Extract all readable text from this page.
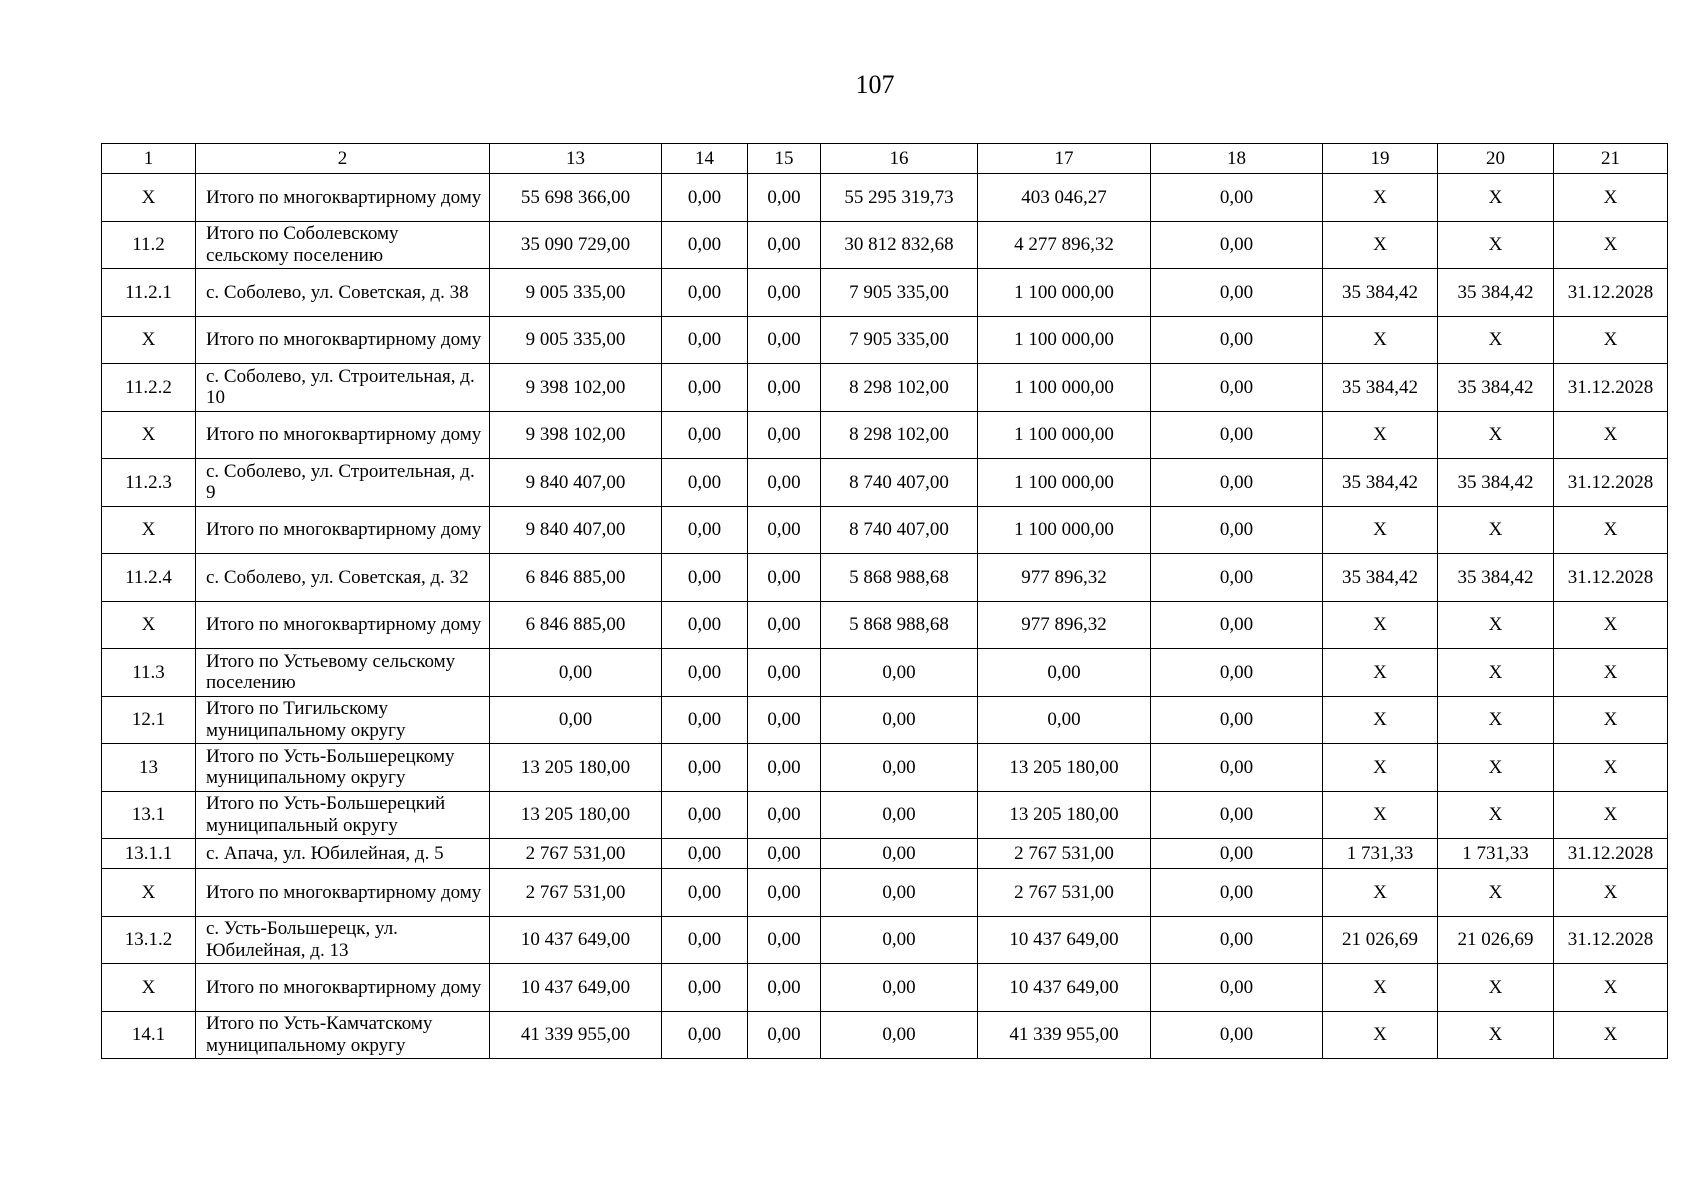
107
1	2	13	14	15	16	17	18	19	20	21
X	Итого по многоквартирному дому	55 698 366,00	0,00	0,00	55 295 319,73	403 046,27	0,00	X	X	X
11.2	Итого по Соболевскому сельскому поселению	35 090 729,00	0,00	0,00	30 812 832,68	4 277 896,32	0,00	X	X	X
11.2.1	с. Соболево, ул. Советская, д. 38	9 005 335,00	0,00	0,00	7 905 335,00	1 100 000,00	0,00	35 384,42	35 384,42	31.12.2028
X	Итого по многоквартирному дому	9 005 335,00	0,00	0,00	7 905 335,00	1 100 000,00	0,00	X	X	X
11.2.2	с. Соболево, ул. Строительная, д. 10	9 398 102,00	0,00	0,00	8 298 102,00	1 100 000,00	0,00	35 384,42	35 384,42	31.12.2028
X	Итого по многоквартирному дому	9 398 102,00	0,00	0,00	8 298 102,00	1 100 000,00	0,00	X	X	X
11.2.3	с. Соболево, ул. Строительная, д. 9	9 840 407,00	0,00	0,00	8 740 407,00	1 100 000,00	0,00	35 384,42	35 384,42	31.12.2028
X	Итого по многоквартирному дому	9 840 407,00	0,00	0,00	8 740 407,00	1 100 000,00	0,00	X	X	X
11.2.4	с. Соболево, ул. Советская, д. 32	6 846 885,00	0,00	0,00	5 868 988,68	977 896,32	0,00	35 384,42	35 384,42	31.12.2028
X	Итого по многоквартирному дому	6 846 885,00	0,00	0,00	5 868 988,68	977 896,32	0,00	X	X	X
11.3	Итого по Устьевому сельскому поселению	0,00	0,00	0,00	0,00	0,00	0,00	X	X	X
12.1	Итого по Тигильскому муниципальному округу	0,00	0,00	0,00	0,00	0,00	0,00	X	X	X
13	Итого по Усть-Большерецкому муниципальному округу	13 205 180,00	0,00	0,00	0,00	13 205 180,00	0,00	X	X	X
13.1	Итого по Усть-Большерецкий муниципальный округу	13 205 180,00	0,00	0,00	0,00	13 205 180,00	0,00	X	X	X
13.1.1	с. Апача, ул. Юбилейная, д. 5	2 767 531,00	0,00	0,00	0,00	2 767 531,00	0,00	1 731,33	1 731,33	31.12.2028
X	Итого по многоквартирному дому	2 767 531,00	0,00	0,00	0,00	2 767 531,00	0,00	X	X	X
13.1.2	с. Усть-Большерецк, ул. Юбилейная, д. 13	10 437 649,00	0,00	0,00	0,00	10 437 649,00	0,00	21 026,69	21 026,69	31.12.2028
X	Итого по многоквартирному дому	10 437 649,00	0,00	0,00	0,00	10 437 649,00	0,00	X	X	X
14.1	Итого по Усть-Камчатскому муниципальному округу	41 339 955,00	0,00	0,00	0,00	41 339 955,00	0,00	X	X	X
